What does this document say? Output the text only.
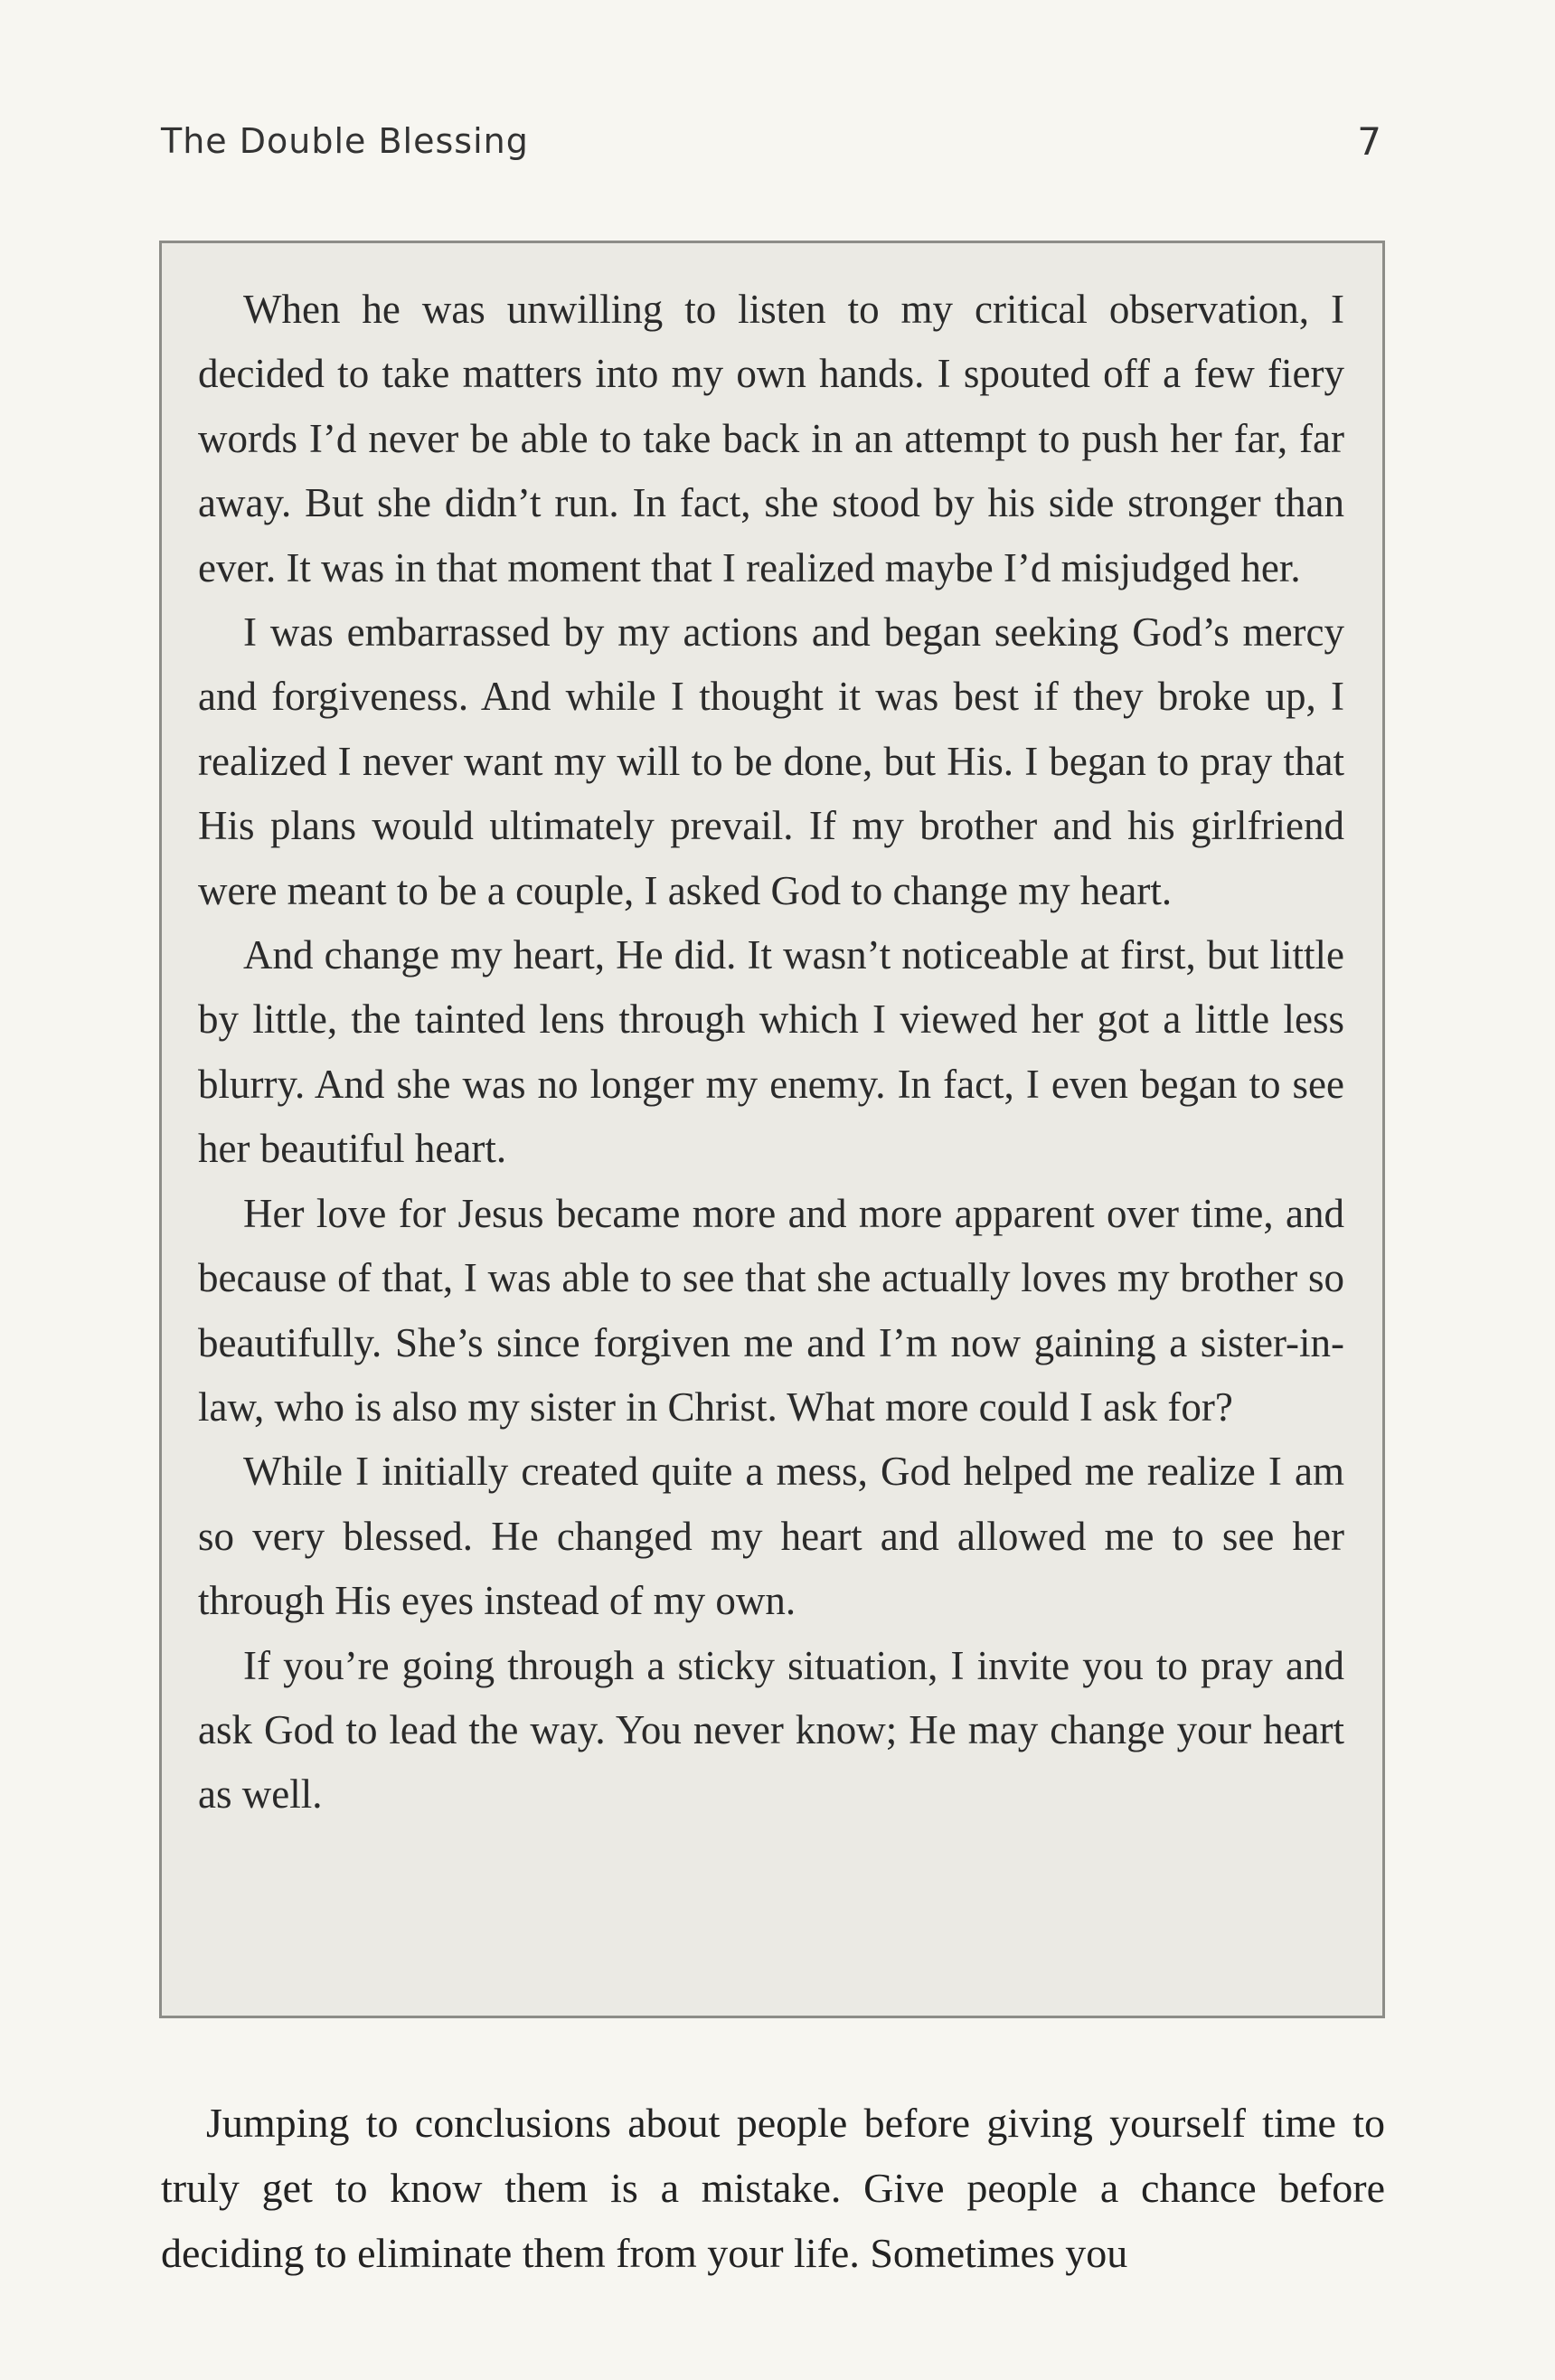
The Double Blessing	7

When he was unwilling to listen to my critical observation, I decided to take matters into my own hands. I spouted off a few fiery words I’d never be able to take back in an attempt to push her far, far away. But she didn’t run. In fact, she stood by his side stronger than ever. It was in that moment that I realized maybe I’d misjudged her.

I was embarrassed by my actions and began seeking God’s mercy and forgiveness. And while I thought it was best if they broke up, I realized I never want my will to be done, but His. I began to pray that His plans would ultimately prevail. If my brother and his girlfriend were meant to be a couple, I asked God to change my heart.

And change my heart, He did. It wasn’t noticeable at first, but little by little, the tainted lens through which I viewed her got a little less blurry. And she was no longer my enemy. In fact, I even began to see her beautiful heart.

Her love for Jesus became more and more apparent over time, and because of that, I was able to see that she actually loves my brother so beautifully. She’s since forgiven me and I’m now gaining a sister-in-law, who is also my sister in Christ. What more could I ask for?

While I initially created quite a mess, God helped me realize I am so very blessed. He changed my heart and allowed me to see her through His eyes instead of my own.

If you’re going through a sticky situation, I invite you to pray and ask God to lead the way. You never know; He may change your heart as well.

Jumping to conclusions about people before giving yourself time to truly get to know them is a mistake. Give people a chance before deciding to eliminate them from your life. Sometimes you
